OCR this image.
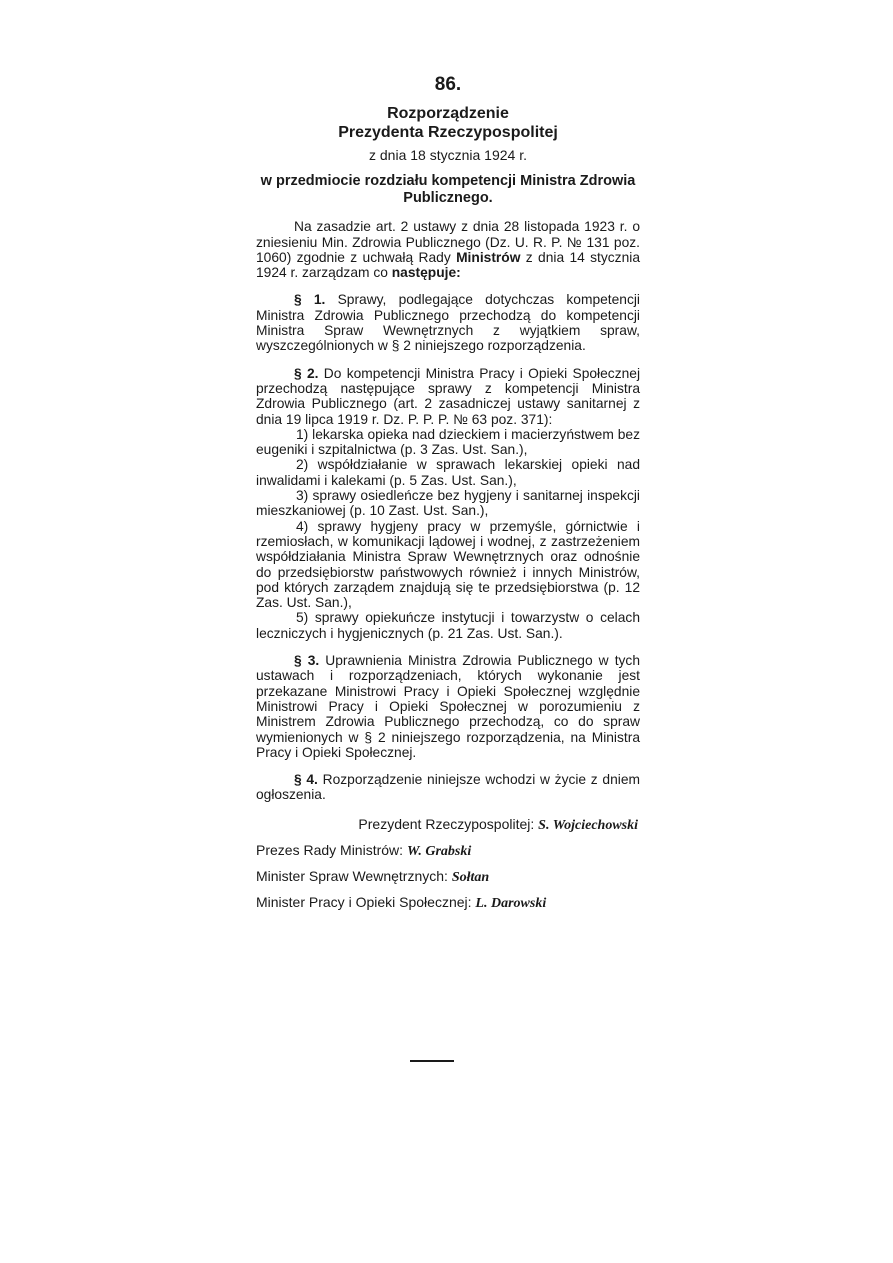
86.
Rozporządzenie
Prezydenta Rzeczypospolitej
z dnia 18 stycznia 1924 r.
w przedmiocie rozdziału kompetencji Ministra Zdrowia Publicznego.

Na zasadzie art. 2 ustawy z dnia 28 listopada 1923 r. o zniesieniu Min. Zdrowia Publicznego (Dz. U. R. P. № 131 poz. 1060) zgodnie z uchwałą Rady Ministrów z dnia 14 stycznia 1924 r. zarządzam co następuje:

§ 1. Sprawy, podlegające dotychczas kompetencji Ministra Zdrowia Publicznego przechodzą do kompetencji Ministra Spraw Wewnętrznych z wyjątkiem spraw, wyszczególnionych w § 2 niniejszego rozporządzenia.

§ 2. Do kompetencji Ministra Pracy i Opieki Społecznej przechodzą następujące sprawy z kompetencji Ministra Zdrowia Publicznego (art. 2 zasadniczej ustawy sanitarnej z dnia 19 lipca 1919 r. Dz. P. P. P. № 63 poz. 371):

1) lekarska opieka nad dzieckiem i macierzyństwem bez eugeniki i szpitalnictwa (p. 3 Zas. Ust. San.),

2) współdziałanie w sprawach lekarskiej opieki nad inwalidami i kalekami (p. 5 Zas. Ust. San.),

3) sprawy osiedleńcze bez hygjeny i sanitarnej inspekcji mieszkaniowej (p. 10 Zast. Ust. San.),

4) sprawy hygjeny pracy w przemyśle, górnictwie i rzemiosłach, w komunikacji lądowej i wodnej, z zastrzeżeniem współdziałania Ministra Spraw Wewnętrznych oraz odnośnie do przedsiębiorstw państwowych również i innych Ministrów, pod których zarządem znajdują się te przedsiębiorstwa (p. 12 Zas. Ust. San.),

5) sprawy opiekuńcze instytucji i towarzystw o celach leczniczych i hygjenicznych (p. 21 Zas. Ust. San.).

§ 3. Uprawnienia Ministra Zdrowia Publicznego w tych ustawach i rozporządzeniach, których wykonanie jest przekazane Ministrowi Pracy i Opieki Społecznej względnie Ministrowi Pracy i Opieki Społecznej w porozumieniu z Ministrem Zdrowia Publicznego przechodzą, co do spraw wymienionych w § 2 niniejszego rozporządzenia, na Ministra Pracy i Opieki Społecznej.

§ 4. Rozporządzenie niniejsze wchodzi w życie z dniem ogłoszenia.

Prezydent Rzeczypospolitej: S. Wojciechowski
Prezes Rady Ministrów: W. Grabski
Minister Spraw Wewnętrznych: Sołtan
Minister Pracy i Opieki Społecznej: L. Darowski
